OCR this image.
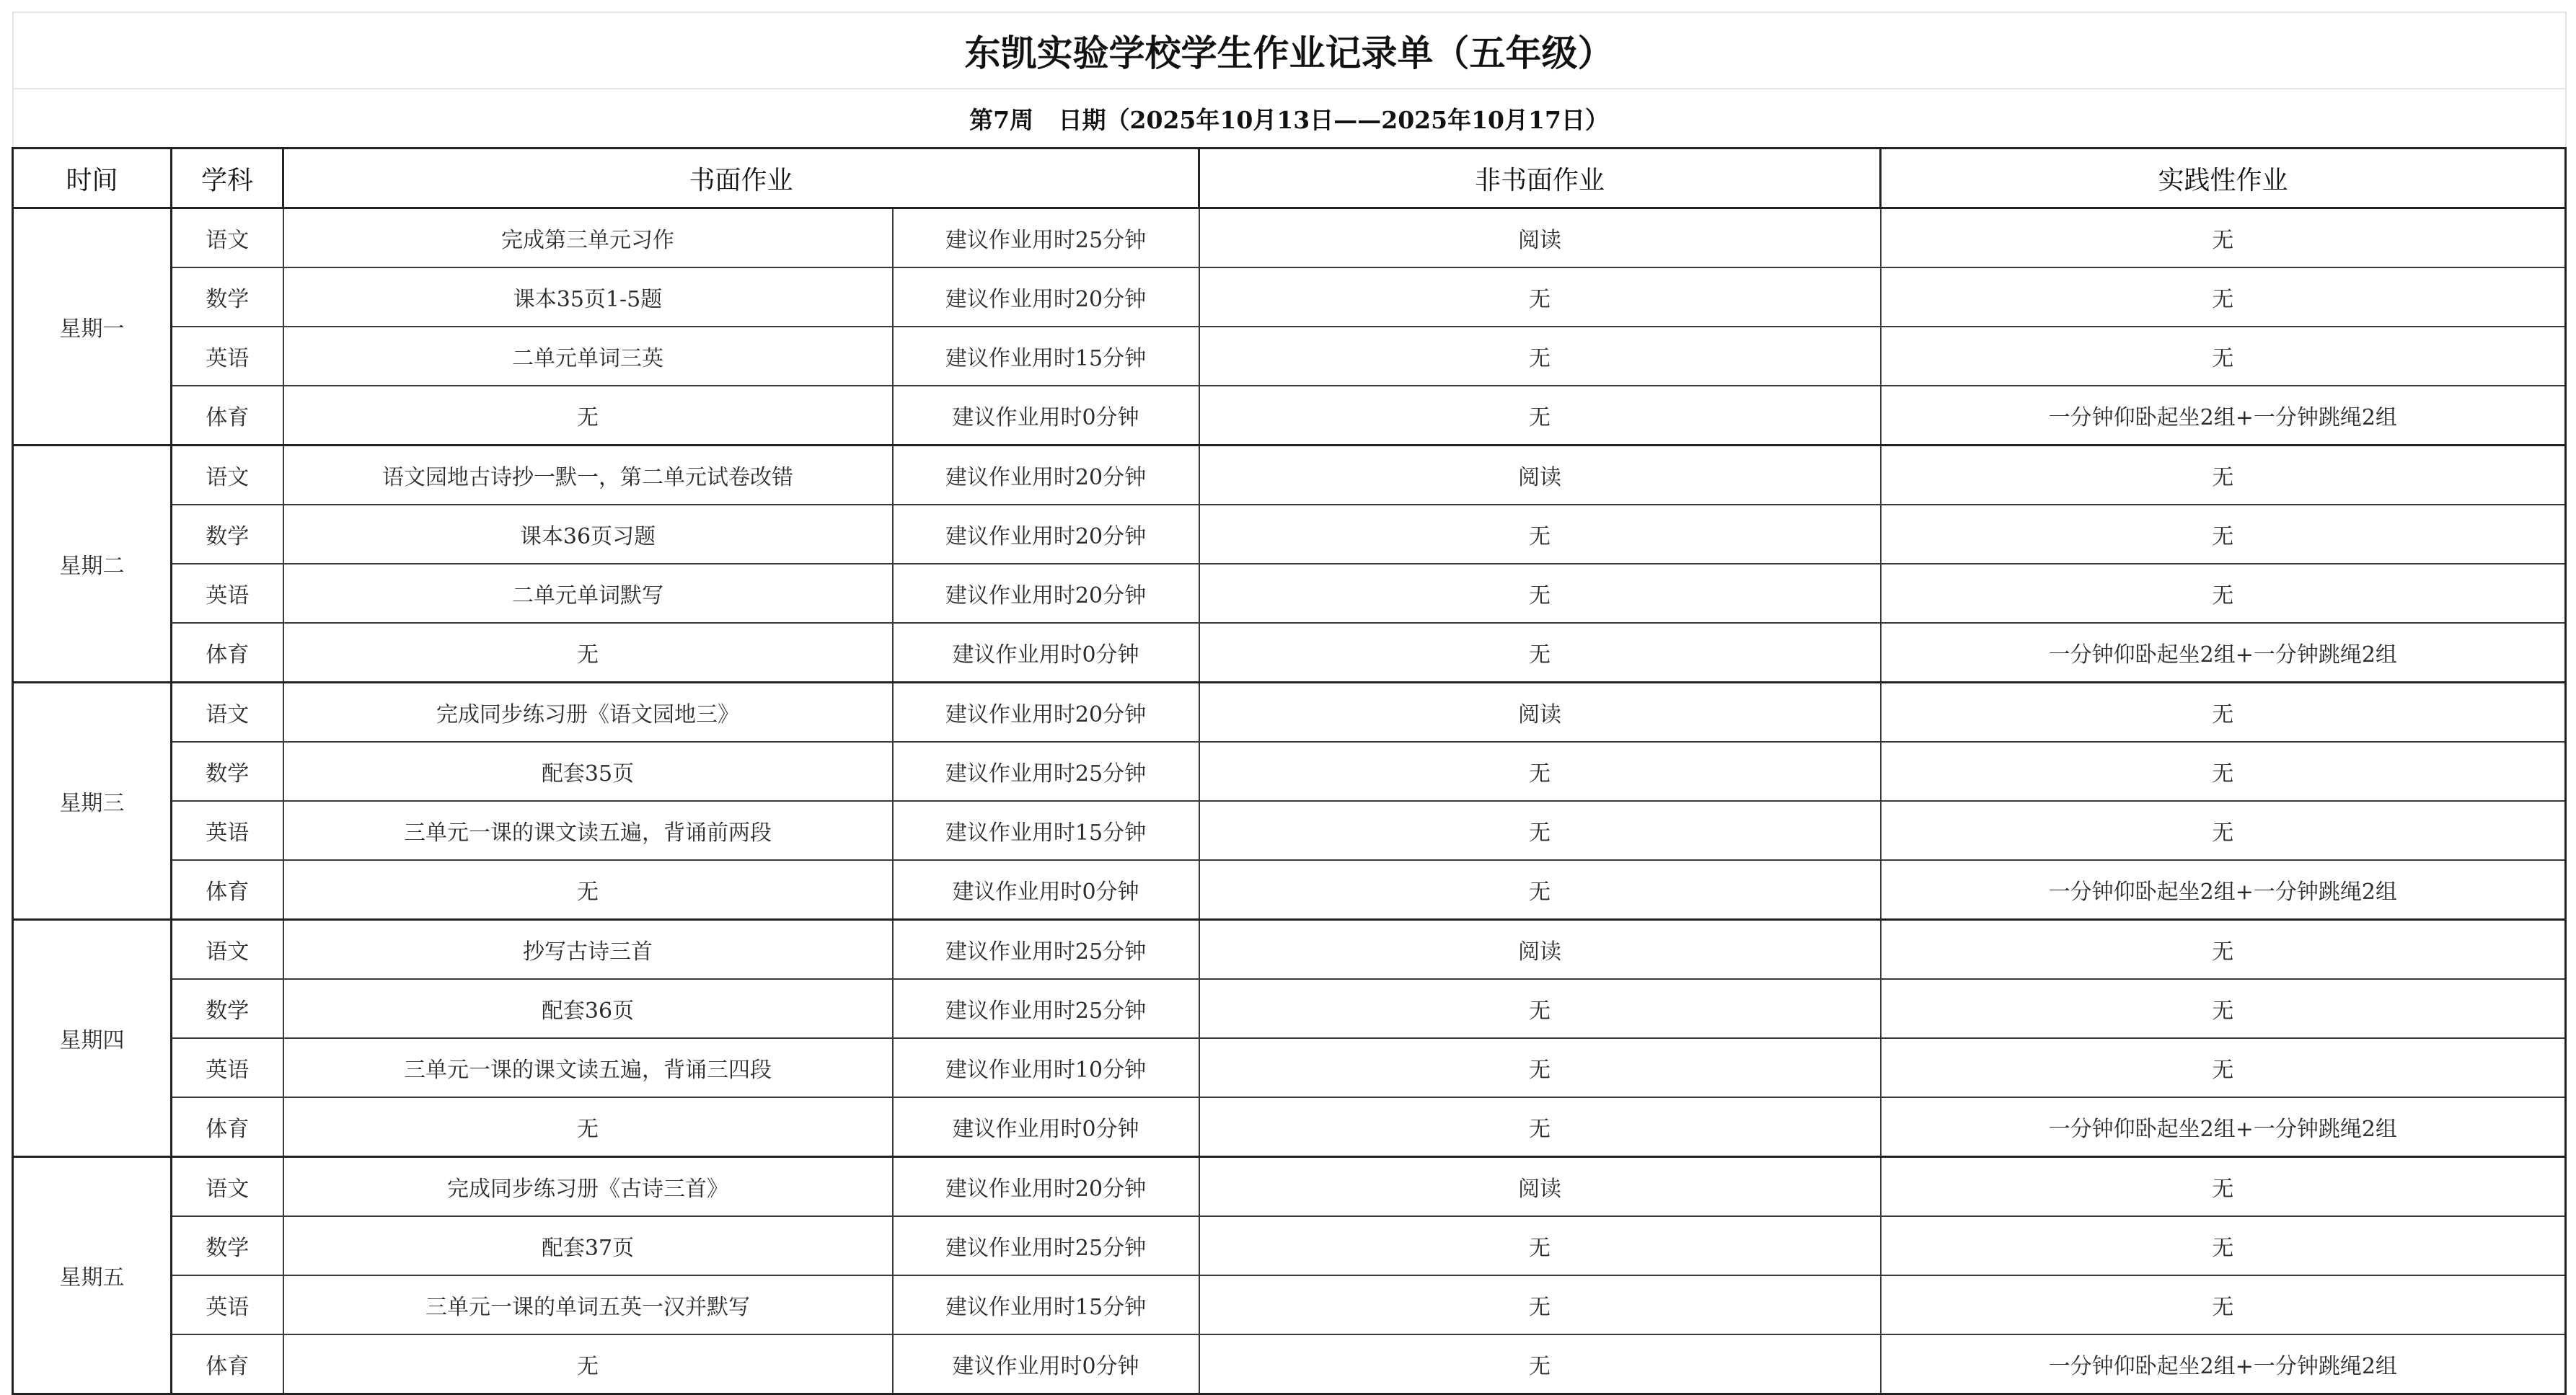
东凯实验学校学生作业记录单（五年级）					
第7周   日期（2025年10月13日——2025年10月17日）					
时间	学科	书面作业		非书面作业	实践性作业
星期一	语文	完成第三单元习作	建议作业用时25分钟	阅读	无
	数学	课本35页1-5题	建议作业用时20分钟	无	无
	英语	二单元单词三英	建议作业用时15分钟	无	无
	体育	无	建议作业用时0分钟	无	一分钟仰卧起坐2组+一分钟跳绳2组
星期二	语文	语文园地古诗抄一默一，第二单元试卷改错	建议作业用时20分钟	阅读	无
	数学	课本36页习题	建议作业用时20分钟	无	无
	英语	二单元单词默写	建议作业用时20分钟	无	无
	体育	无	建议作业用时0分钟	无	一分钟仰卧起坐2组+一分钟跳绳2组
星期三	语文	完成同步练习册《语文园地三》	建议作业用时20分钟	阅读	无
	数学	配套35页	建议作业用时25分钟	无	无
	英语	三单元一课的课文读五遍，背诵前两段	建议作业用时15分钟	无	无
	体育	无	建议作业用时0分钟	无	一分钟仰卧起坐2组+一分钟跳绳2组
星期四	语文	抄写古诗三首	建议作业用时25分钟	阅读	无
	数学	配套36页	建议作业用时25分钟	无	无
	英语	三单元一课的课文读五遍，背诵三四段	建议作业用时10分钟	无	无
	体育	无	建议作业用时0分钟	无	一分钟仰卧起坐2组+一分钟跳绳2组
星期五	语文	完成同步练习册《古诗三首》	建议作业用时20分钟	阅读	无
	数学	配套37页	建议作业用时25分钟	无	无
	英语	三单元一课的单词五英一汉并默写	建议作业用时15分钟	无	无
	体育	无	建议作业用时0分钟	无	一分钟仰卧起坐2组+一分钟跳绳2组
